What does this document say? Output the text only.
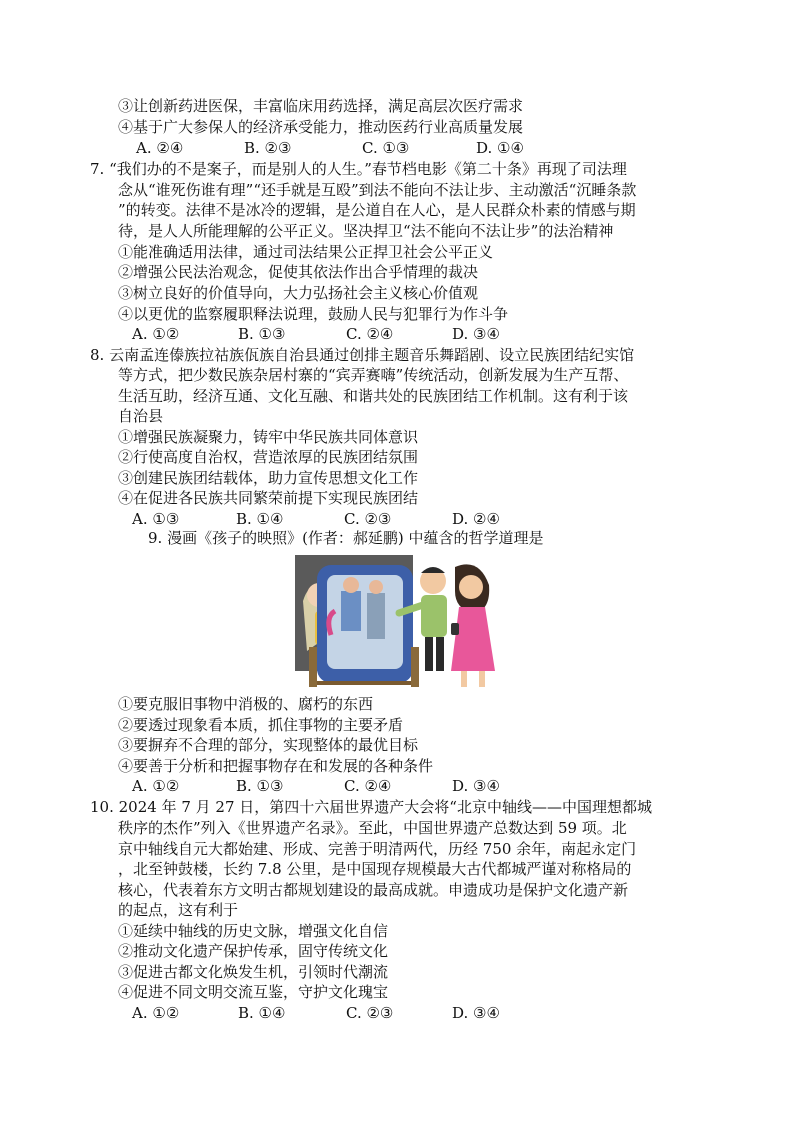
③让创新药进医保，丰富临床用药选择，满足高层次医疗需求
④基于广大参保人的经济承受能力，推动医药行业高质量发展
A. ②④	B. ②③	C. ①③	D. ①④
7. “我们办的不是案子，而是别人的人生。”春节档电影《第二十条》再现了司法理
念从“谁死伤谁有理”“还手就是互殴”到法不能向不法让步、主动激活“沉睡条款
”的转变。法律不是冰冷的逻辑，是公道自在人心，是人民群众朴素的情感与期
待，是人人所能理解的公平正义。坚决捍卫“法不能向不法让步”的法治精神
①能准确适用法律，通过司法结果公正捍卫社会公平正义
②增强公民法治观念，促使其依法作出合乎情理的裁决
③树立良好的价值导向，大力弘扬社会主义核心价值观
④以更优的监察履职释法说理，鼓励人民与犯罪行为作斗争
A. ①②	B. ①③	C. ②④	D. ③④
8. 云南孟连傣族拉祜族佤族自治县通过创排主题音乐舞蹈剧、设立民族团结纪实馆
等方式，把少数民族杂居村寨的“宾弄赛嗨”传统活动，创新发展为生产互帮、
生活互助，经济互通、文化互融、和谐共处的民族团结工作机制。这有利于该
自治县
①增强民族凝聚力，铸牢中华民族共同体意识
②行使高度自治权，营造浓厚的民族团结氛围
③创建民族团结载体，助力宣传思想文化工作
④在促进各民族共同繁荣前提下实现民族团结
A. ①③	B. ①④	C. ②③	D. ②④
9. 漫画《孩子的映照》(作者：郝延鹏) 中蕴含的哲学道理是
①要克服旧事物中消极的、腐朽的东西
②要透过现象看本质，抓住事物的主要矛盾
③要摒弃不合理的部分，实现整体的最优目标
④要善于分析和把握事物存在和发展的各种条件
A. ①②	B. ①③	C. ②④	D. ③④
10. 2024 年 7 月 27 日，第四十六届世界遗产大会将“北京中轴线——中国理想都城
秩序的杰作”列入《世界遗产名录》。至此，中国世界遗产总数达到 59 项。北
京中轴线自元大都始建、形成、完善于明清两代，历经 750 余年，南起永定门
，北至钟鼓楼，长约 7.8 公里，是中国现存规模最大古代都城严谨对称格局的
核心，代表着东方文明古都规划建设的最高成就。申遗成功是保护文化遗产新
的起点，这有利于
①延续中轴线的历史文脉，增强文化自信
②推动文化遗产保护传承，固守传统文化
③促进古都文化焕发生机，引领时代潮流
④促进不同文明交流互鉴，守护文化瑰宝
A. ①②	B. ①④	C. ②③	D. ③④
